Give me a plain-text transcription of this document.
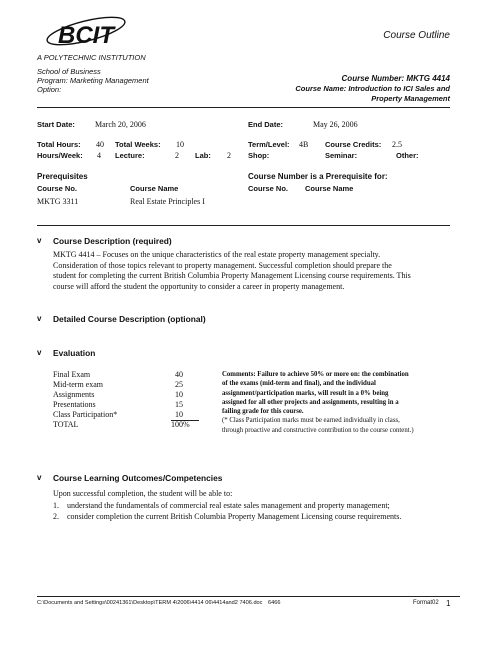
BCIT
A POLYTECHNIC INSTITUTION
Course Outline
School of Business
Program: Marketing Management
Option:
Course Number: MKTG 4414
Course Name: Introduction to ICI Sales and
Property Management
Start Date:	March 20, 2006	End Date:	May 26, 2006
Total Hours: 40 Total Weeks: 10	Term/Level: 4B Course Credits: 2.5
Hours/Week: 4 Lecture:	2 Lab: 2 Shop:	Seminar:	Other:
Prerequisites
Course No.	Course Name
MKTG 3311	Real Estate Principles I
Course Number is a Prerequisite for:
Course No. Course Name
v Course Description (required)
MKTG 4414 – Focuses on the unique characteristics of the real estate property management specialty.
Consideration of those topics relevant to property management. Successful completion should prepare the
student for completing the current British Columbia Property Management Licensing course requirements. This
course will afford the student the opportunity to consider a career in property management.
v Detailed Course Description (optional)
v Evaluation
Final Exam	40
Mid-term exam	25
Assignments	10
Presentations	15
Class Participation*	10
TOTAL	100%
Comments: Failure to achieve 50% or more on: the combination
of the exams (mid-term and final), and the individual
assignment/participation marks, will result in a 0% being
assigned for all other projects and assignments, resulting in a
failing grade for this course.
(* Class Participation marks must be earned individually in class,
through proactive and constructive contribution to the course content.)
v Course Learning Outcomes/Competencies
Upon successful completion, the student will be able to:
1. understand the fundamentals of commercial real estate sales management and property management;
2. consider completion the current British Columbia Property Management Licensing course requirements.
C:\Documents and Settings\00241361\Desktop\TERM 4\2006\4414 06\4414and2 7406.doc 6466	Format02 1
